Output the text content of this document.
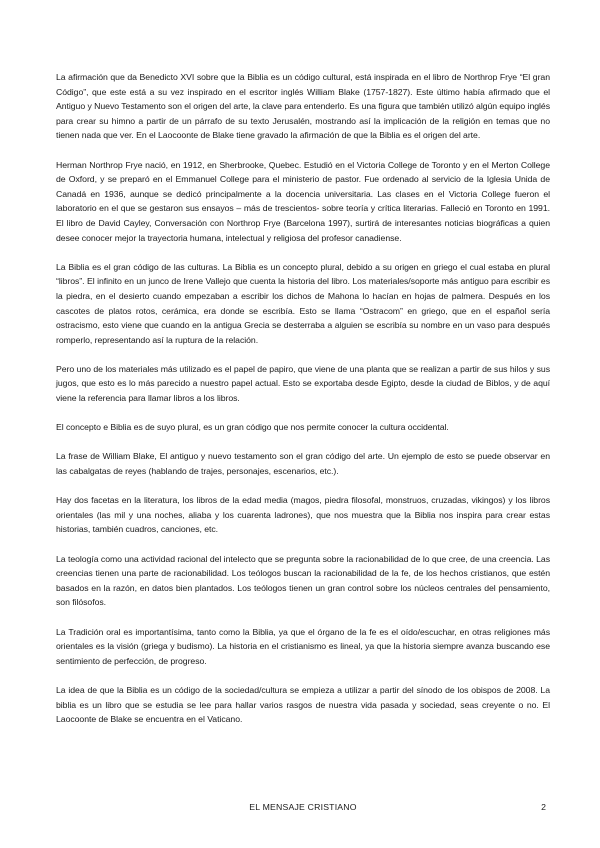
La afirmación que da Benedicto XVI sobre que la Biblia es un código cultural, está inspirada en el libro de Northrop Frye “El gran Código”, que este está a su vez inspirado en el escritor inglés William Blake (1757-1827). Este último había afirmado que el Antiguo y Nuevo Testamento son el origen del arte, la clave para entenderlo. Es una figura que también utilizó algún equipo inglés para crear su himno a partir de un párrafo de su texto Jerusalén, mostrando así la implicación de la religión en temas que no tienen nada que ver. En el Laocoonte de Blake tiene gravado la afirmación de que la Biblia es el origen del arte.

Herman Northrop Frye nació, en 1912, en Sherbrooke, Quebec. Estudió en el Victoria College de Toronto y en el Merton College de Oxford, y se preparó en el Emmanuel College para el ministerio de pastor. Fue ordenado al servicio de la Iglesia Unida de Canadá en 1936, aunque se dedicó principalmente a la docencia universitaria. Las clases en el Victoria College fueron el laboratorio en el que se gestaron sus ensayos – más de trescientos- sobre teoría y crítica literarias. Falleció en Toronto en 1991. El libro de David Cayley, Conversación con Northrop Frye (Barcelona 1997), surtirá de interesantes noticias biográficas a quien desee conocer mejor la trayectoria humana, intelectual y religiosa del profesor canadiense.

La Biblia es el gran código de las culturas. La Biblia es un concepto plural, debido a su origen en griego el cual estaba en plural “libros”. El infinito en un junco de Irene Vallejo que cuenta la historia del libro. Los materiales/soporte más antiguo para escribir es la piedra, en el desierto cuando empezaban a escribir los dichos de Mahona lo hacían en hojas de palmera. Después en los cascotes de platos rotos, cerámica, era donde se escribía. Esto se llama “Ostracom” en griego, que en el español sería ostracismo, esto viene que cuando en la antigua Grecia se desterraba a alguien se escribía su nombre en un vaso para después romperlo, representando así la ruptura de la relación.

Pero uno de los materiales más utilizado es el papel de papiro, que viene de una planta que se realizan a partir de sus hilos y sus jugos, que esto es lo más parecido a nuestro papel actual. Esto se exportaba desde Egipto, desde la ciudad de Biblos, y de aquí viene la referencia para llamar libros a los libros.

El concepto e Biblia es de suyo plural, es un gran código que nos permite conocer la cultura occidental.

La frase de William Blake, El antiguo y nuevo testamento son el gran código del arte. Un ejemplo de esto se puede observar en las cabalgatas de reyes (hablando de trajes, personajes, escenarios, etc.).

Hay dos facetas en la literatura, los libros de la edad media (magos, piedra filosofal, monstruos, cruzadas, vikingos) y los libros orientales (las mil y una noches, aliaba y los cuarenta ladrones), que nos muestra que la Biblia nos inspira para crear estas historias, también cuadros, canciones, etc.

La teología como una actividad racional del intelecto que se pregunta sobre la racionabilidad de lo que cree, de una creencia. Las creencias tienen una parte de racionabilidad. Los teólogos buscan la racionabilidad de la fe, de los hechos cristianos, que estén basados en la razón, en datos bien plantados. Los teólogos tienen un gran control sobre los núcleos centrales del pensamiento, son filósofos.

La Tradición oral es importantísima, tanto como la Biblia, ya que el órgano de la fe es el oído/escuchar, en otras religiones más orientales es la visión (griega y budismo). La historia en el cristianismo es lineal, ya que la historia siempre avanza buscando ese sentimiento de perfección, de progreso.

La idea de que la Biblia es un código de la sociedad/cultura se empieza a utilizar a partir del sínodo de los obispos de 2008. La biblia es un libro que se estudia se lee para hallar varios rasgos de nuestra vida pasada y sociedad, seas creyente o no. El Laocoonte de Blake se encuentra en el Vaticano.

EL MENSAJE CRISTIANO	2
